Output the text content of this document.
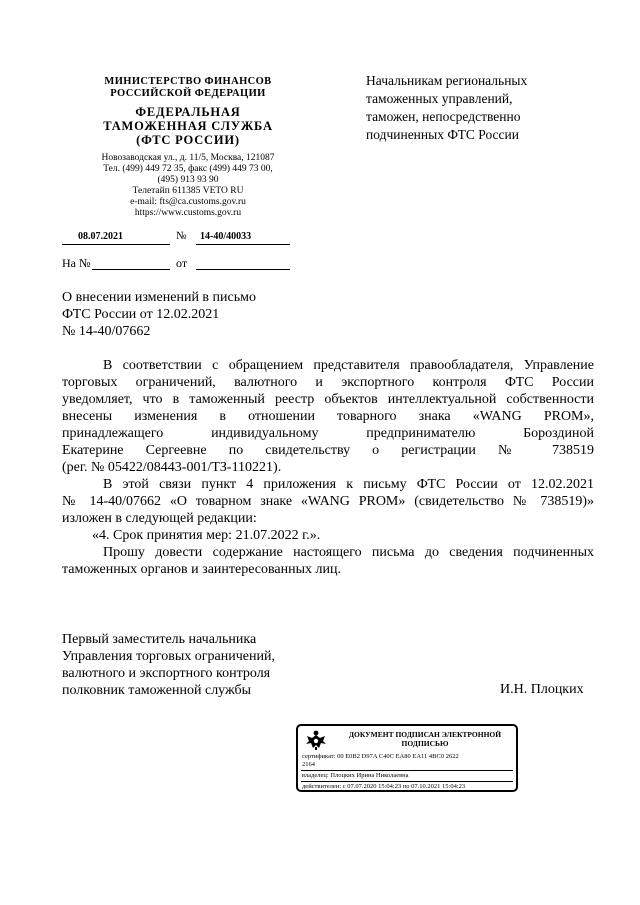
МИНИСТЕРСТВО ФИНАНСОВ
РОССИЙСКОЙ ФЕДЕРАЦИИ
ФЕДЕРАЛЬНАЯ
ТАМОЖЕННАЯ СЛУЖБА
(ФТС РОССИИ)
Новозаводская ул., д. 11/5, Москва, 121087
Тел. (499) 449 72 35, факс (499) 449 73 00,
(495) 913 93 90
Телетайп 611385 VETO RU
e-mail: fts@ca.customs.gov.ru
https://www.customs.gov.ru
08.07.2021	№ 14-40/40033
На №	от
Начальникам региональных
таможенных управлений,
таможен, непосредственно
подчиненных ФТС России
О внесении изменений в письмо
ФТС России от 12.02.2021
№ 14-40/07662
В соответствии с обращением представителя правообладателя, Управление
торговых ограничений, валютного и экспортного контроля ФТС России
уведомляет, что в таможенный реестр объектов интеллектуальной собственности
внесены изменения в отношении товарного знака «WANG PROM»,
принадлежащего индивидуальному предпринимателю Бороздиной
Екатерине Сергеевне по свидетельству о регистрации № 738519
(рег. № 05422/08443-001/ТЗ-110221).
В этой связи пункт 4 приложения к письму ФТС России от 12.02.2021
№ 14-40/07662 «О товарном знаке «WANG PROM» (свидетельство № 738519)»
изложен в следующей редакции:
«4. Срок принятия мер: 21.07.2022 г.».
Прошу довести содержание настоящего письма до сведения подчиненных
таможенных органов и заинтересованных лиц.
Первый заместитель начальника
Управления торговых ограничений,
валютного и экспортного контроля
полковник таможенной службы	И.Н. Плоцких
ДОКУМЕНТ ПОДПИСАН ЭЛЕКТРОННОЙ
ПОДПИСЬЮ
сертификат: 00 E0B2 D97A C40C EA80 EA11 4BC0 2622
2164
владелец: Плоцких Ирина Николаевна
действителен: с 07.07.2020 15:04:23 по 07.10.2021 15:04:23
